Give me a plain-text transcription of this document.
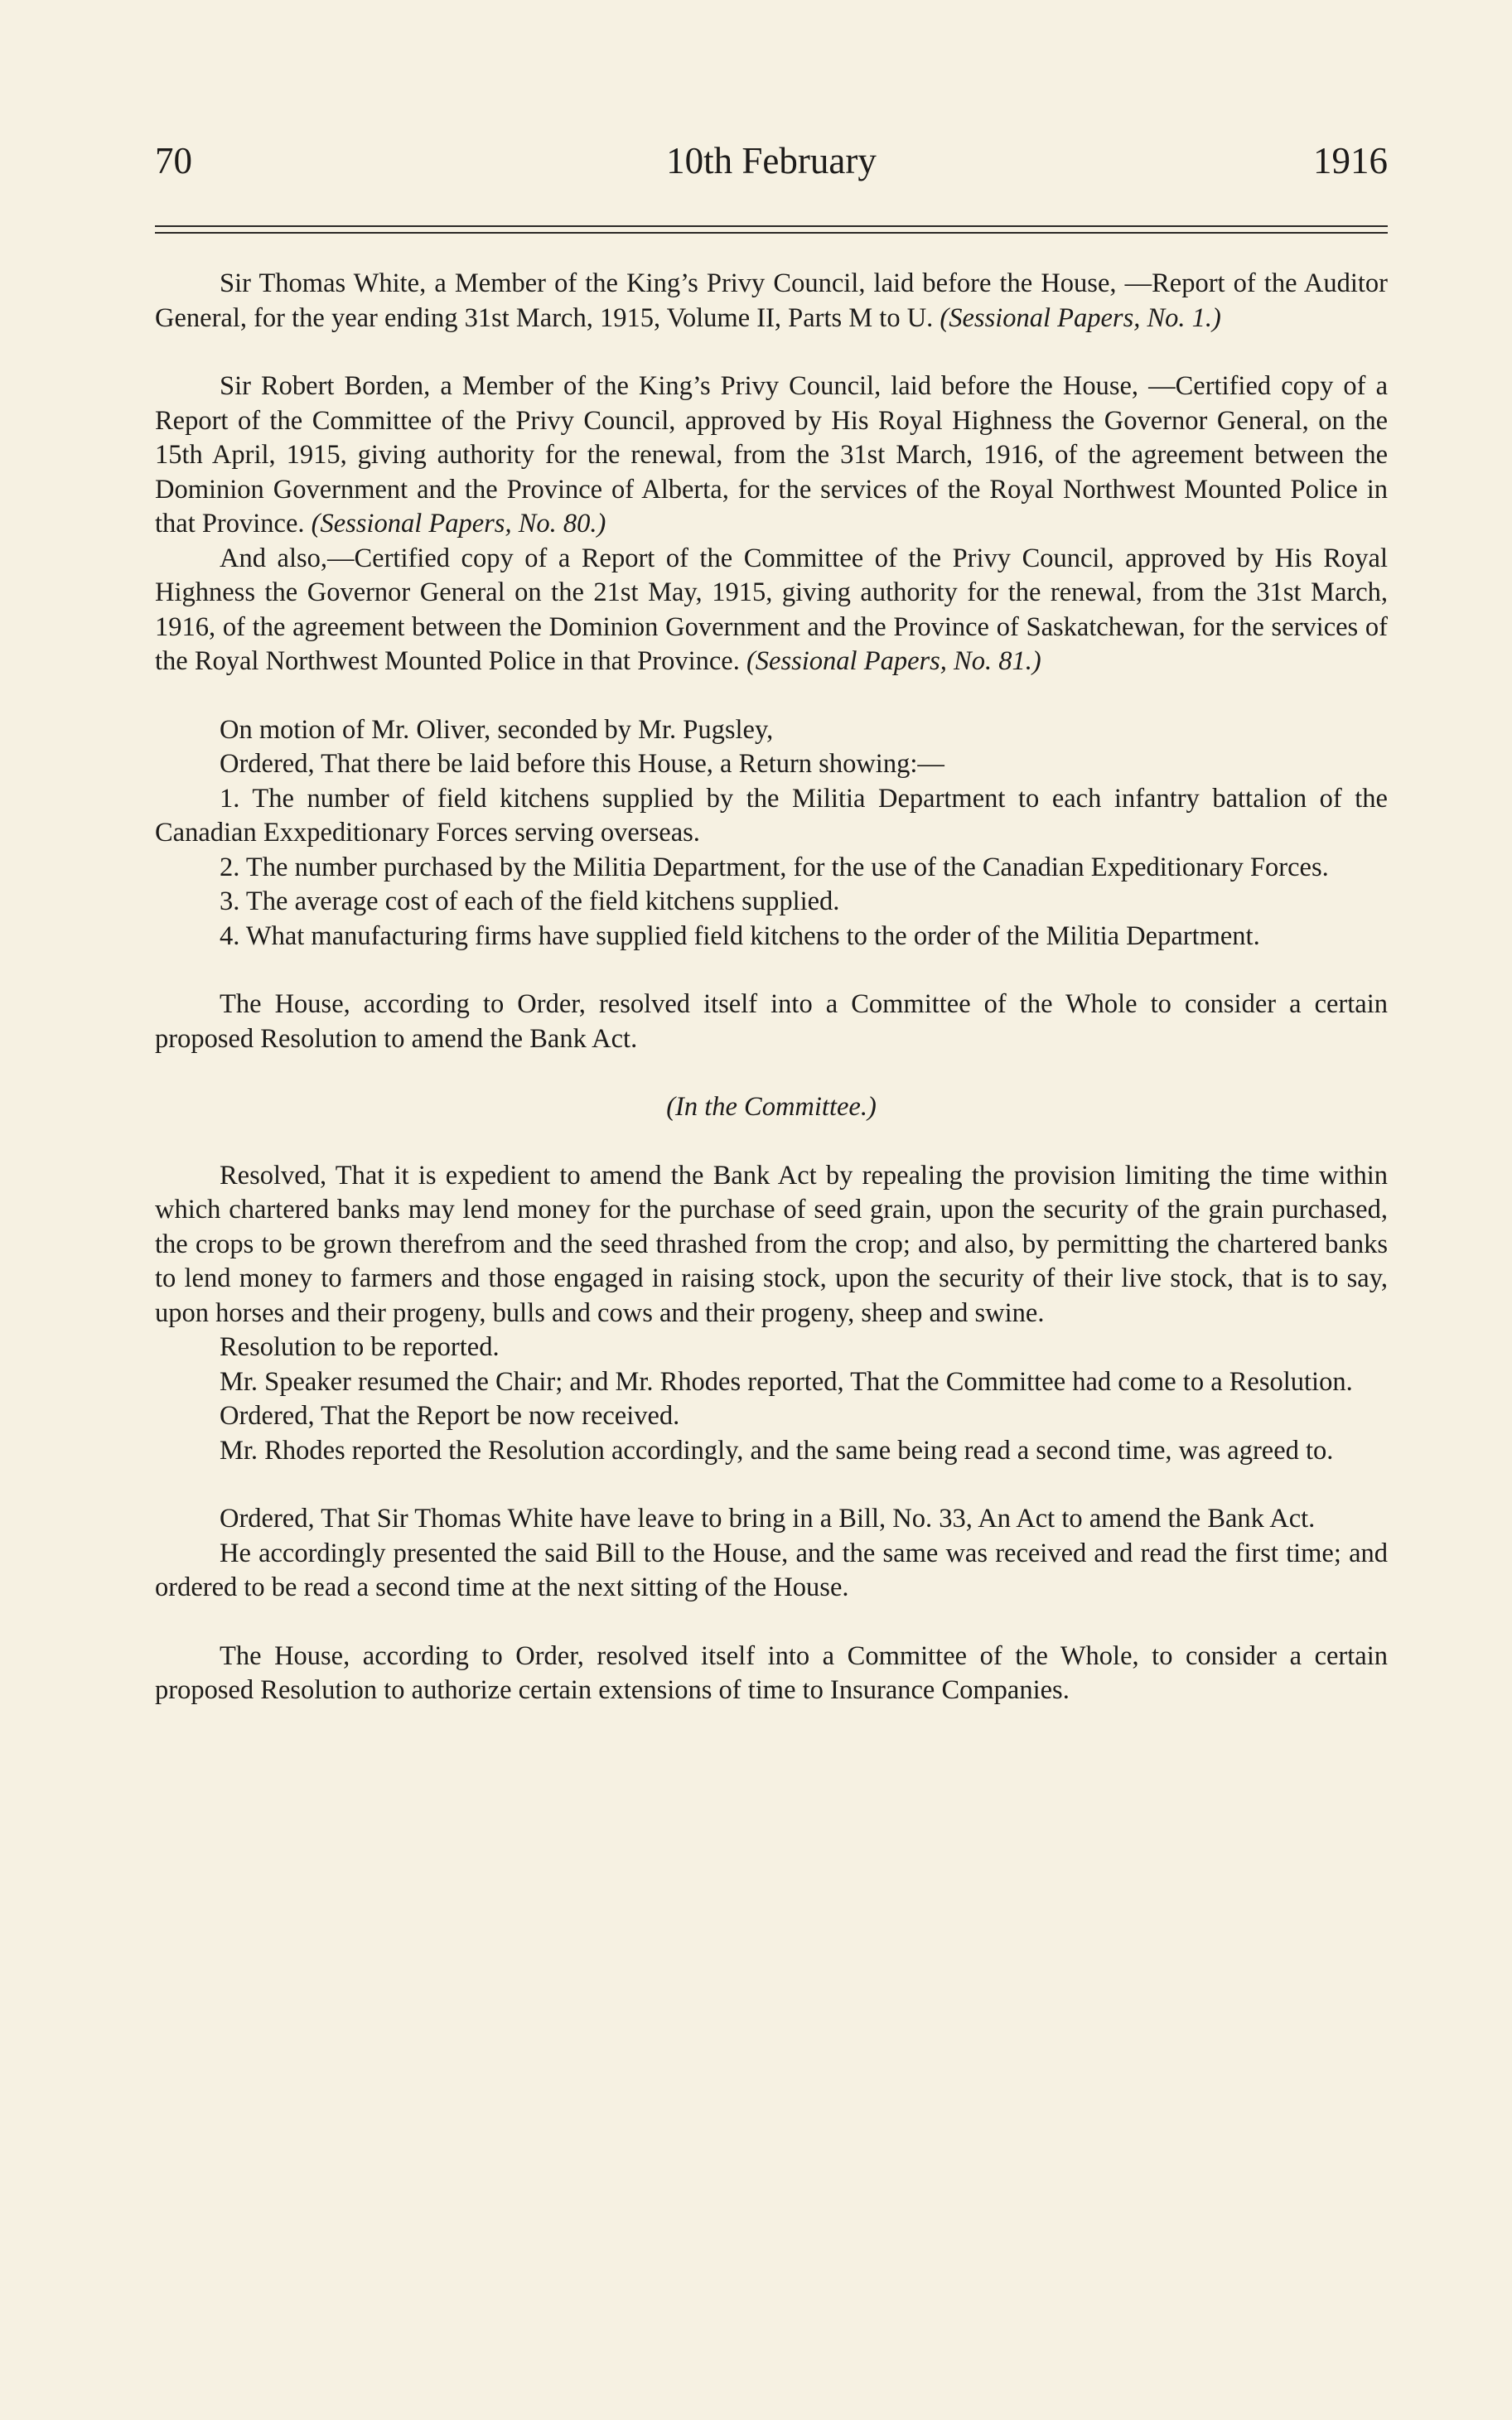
70	10th February	1916

Sir Thomas White, a Member of the King’s Privy Council, laid before the House, —Report of the Auditor General, for the year ending 31st March, 1915, Volume II, Parts M to U. (Sessional Papers, No. 1.)

Sir Robert Borden, a Member of the King’s Privy Council, laid before the House, —Certified copy of a Report of the Committee of the Privy Council, approved by His Royal Highness the Governor General, on the 15th April, 1915, giving authority for the renewal, from the 31st March, 1916, of the agreement between the Dominion Government and the Province of Alberta, for the services of the Royal Northwest Mounted Police in that Province. (Sessional Papers, No. 80.)

And also,—Certified copy of a Report of the Committee of the Privy Council, approved by His Royal Highness the Governor General on the 21st May, 1915, giving authority for the renewal, from the 31st March, 1916, of the agreement between the Dominion Government and the Province of Saskatchewan, for the services of the Royal Northwest Mounted Police in that Province. (Sessional Papers, No. 81.)

On motion of Mr. Oliver, seconded by Mr. Pugsley,

Ordered, That there be laid before this House, a Return showing:—

1. The number of field kitchens supplied by the Militia Department to each infantry battalion of the Canadian Exxpeditionary Forces serving overseas.

2. The number purchased by the Militia Department, for the use of the Canadian Expeditionary Forces.

3. The average cost of each of the field kitchens supplied.

4. What manufacturing firms have supplied field kitchens to the order of the Militia Department.

The House, according to Order, resolved itself into a Committee of the Whole to consider a certain proposed Resolution to amend the Bank Act.

(In the Committee.)

Resolved, That it is expedient to amend the Bank Act by repealing the provision limiting the time within which chartered banks may lend money for the purchase of seed grain, upon the security of the grain purchased, the crops to be grown therefrom and the seed thrashed from the crop; and also, by permitting the chartered banks to lend money to farmers and those engaged in raising stock, upon the security of their live stock, that is to say, upon horses and their progeny, bulls and cows and their progeny, sheep and swine.

Resolution to be reported.

Mr. Speaker resumed the Chair; and Mr. Rhodes reported, That the Committee had come to a Resolution.

Ordered, That the Report be now received.

Mr. Rhodes reported the Resolution accordingly, and the same being read a second time, was agreed to.

Ordered, That Sir Thomas White have leave to bring in a Bill, No. 33, An Act to amend the Bank Act.

He accordingly presented the said Bill to the House, and the same was received and read the first time; and ordered to be read a second time at the next sitting of the House.

The House, according to Order, resolved itself into a Committee of the Whole, to consider a certain proposed Resolution to authorize certain extensions of time to Insurance Companies.
